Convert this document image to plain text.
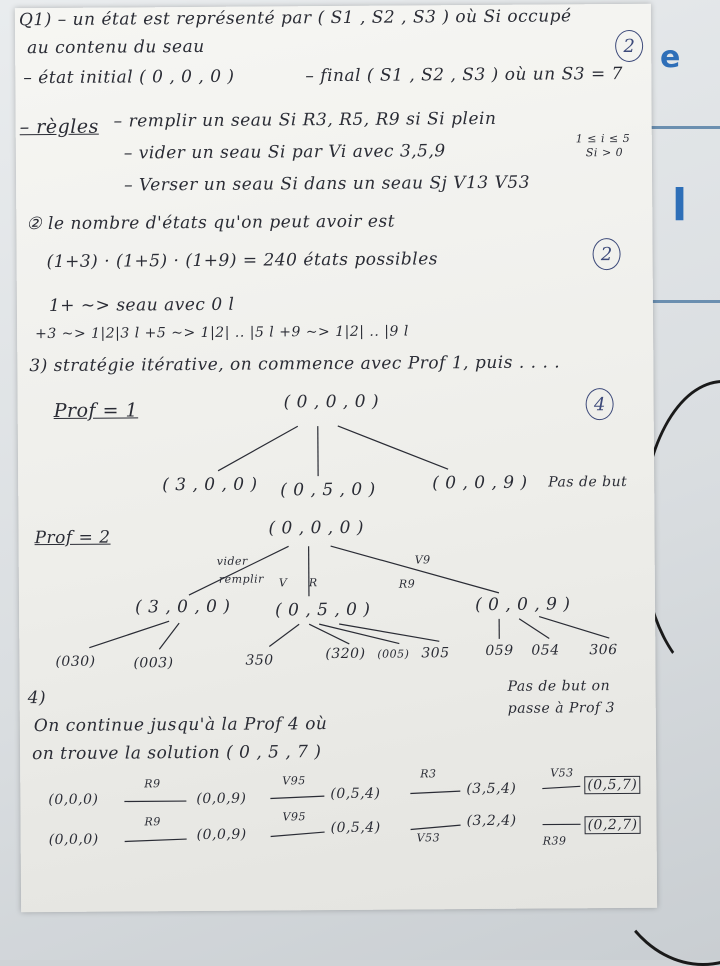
e
l
Q1) – un état est représenté par ( S1 , S2 , S3 ) où Si occupé
au contenu du seau
– état initial ( 0 , 0 , 0 )	– final ( S1 , S2 , S3 ) où un S3 = 7
– règles – remplir un seau Si R3, R5, R9 si Si plein
1 ≤ i ≤ 5
– vider un seau Si par Vi avec 3,5,9	Si > 0
– Verser un seau Si dans un seau Sj V13 V53
2
② le nombre d'états qu'on peut avoir est
(1+3) · (1+5) · (1+9) = 240 états possibles
1+ ~> seau avec 0 l
+3 ~> 1|2|3 l +5 ~> 1|2| .. |5 l +9 ~> 1|2| .. |9 l
2
3) stratégie itérative, on commence avec Prof 1, puis . . . .
Prof = 1	4
( 0 , 0 , 0 )
( 3 , 0 , 0 ) ( 0 , 5 , 0 )	( 0 , 0 , 9 ) Pas de but
Prof = 2	( 0 , 0 , 0 )
vider
remplir V R
V9
R9
( 3 , 0 , 0 )	( 0 , 5 , 0 )	( 0 , 0 , 9 )
(030)	(003)	350	(320) (005) 305	059 054 306
Pas de but on
passe à Prof 3
4)
On continue jusqu'à la Prof 4 où
on trouve la solution ( 0 , 5 , 7 )
(0,0,0)
R9
(0,0,9)
V95
(0,5,4)
R3
(3,5,4)
V53
(0,5,7)
(0,0,0)
R9
(0,0,9)
V95
(0,5,4)
V53
(3,2,4)
R39
(0,2,7)
